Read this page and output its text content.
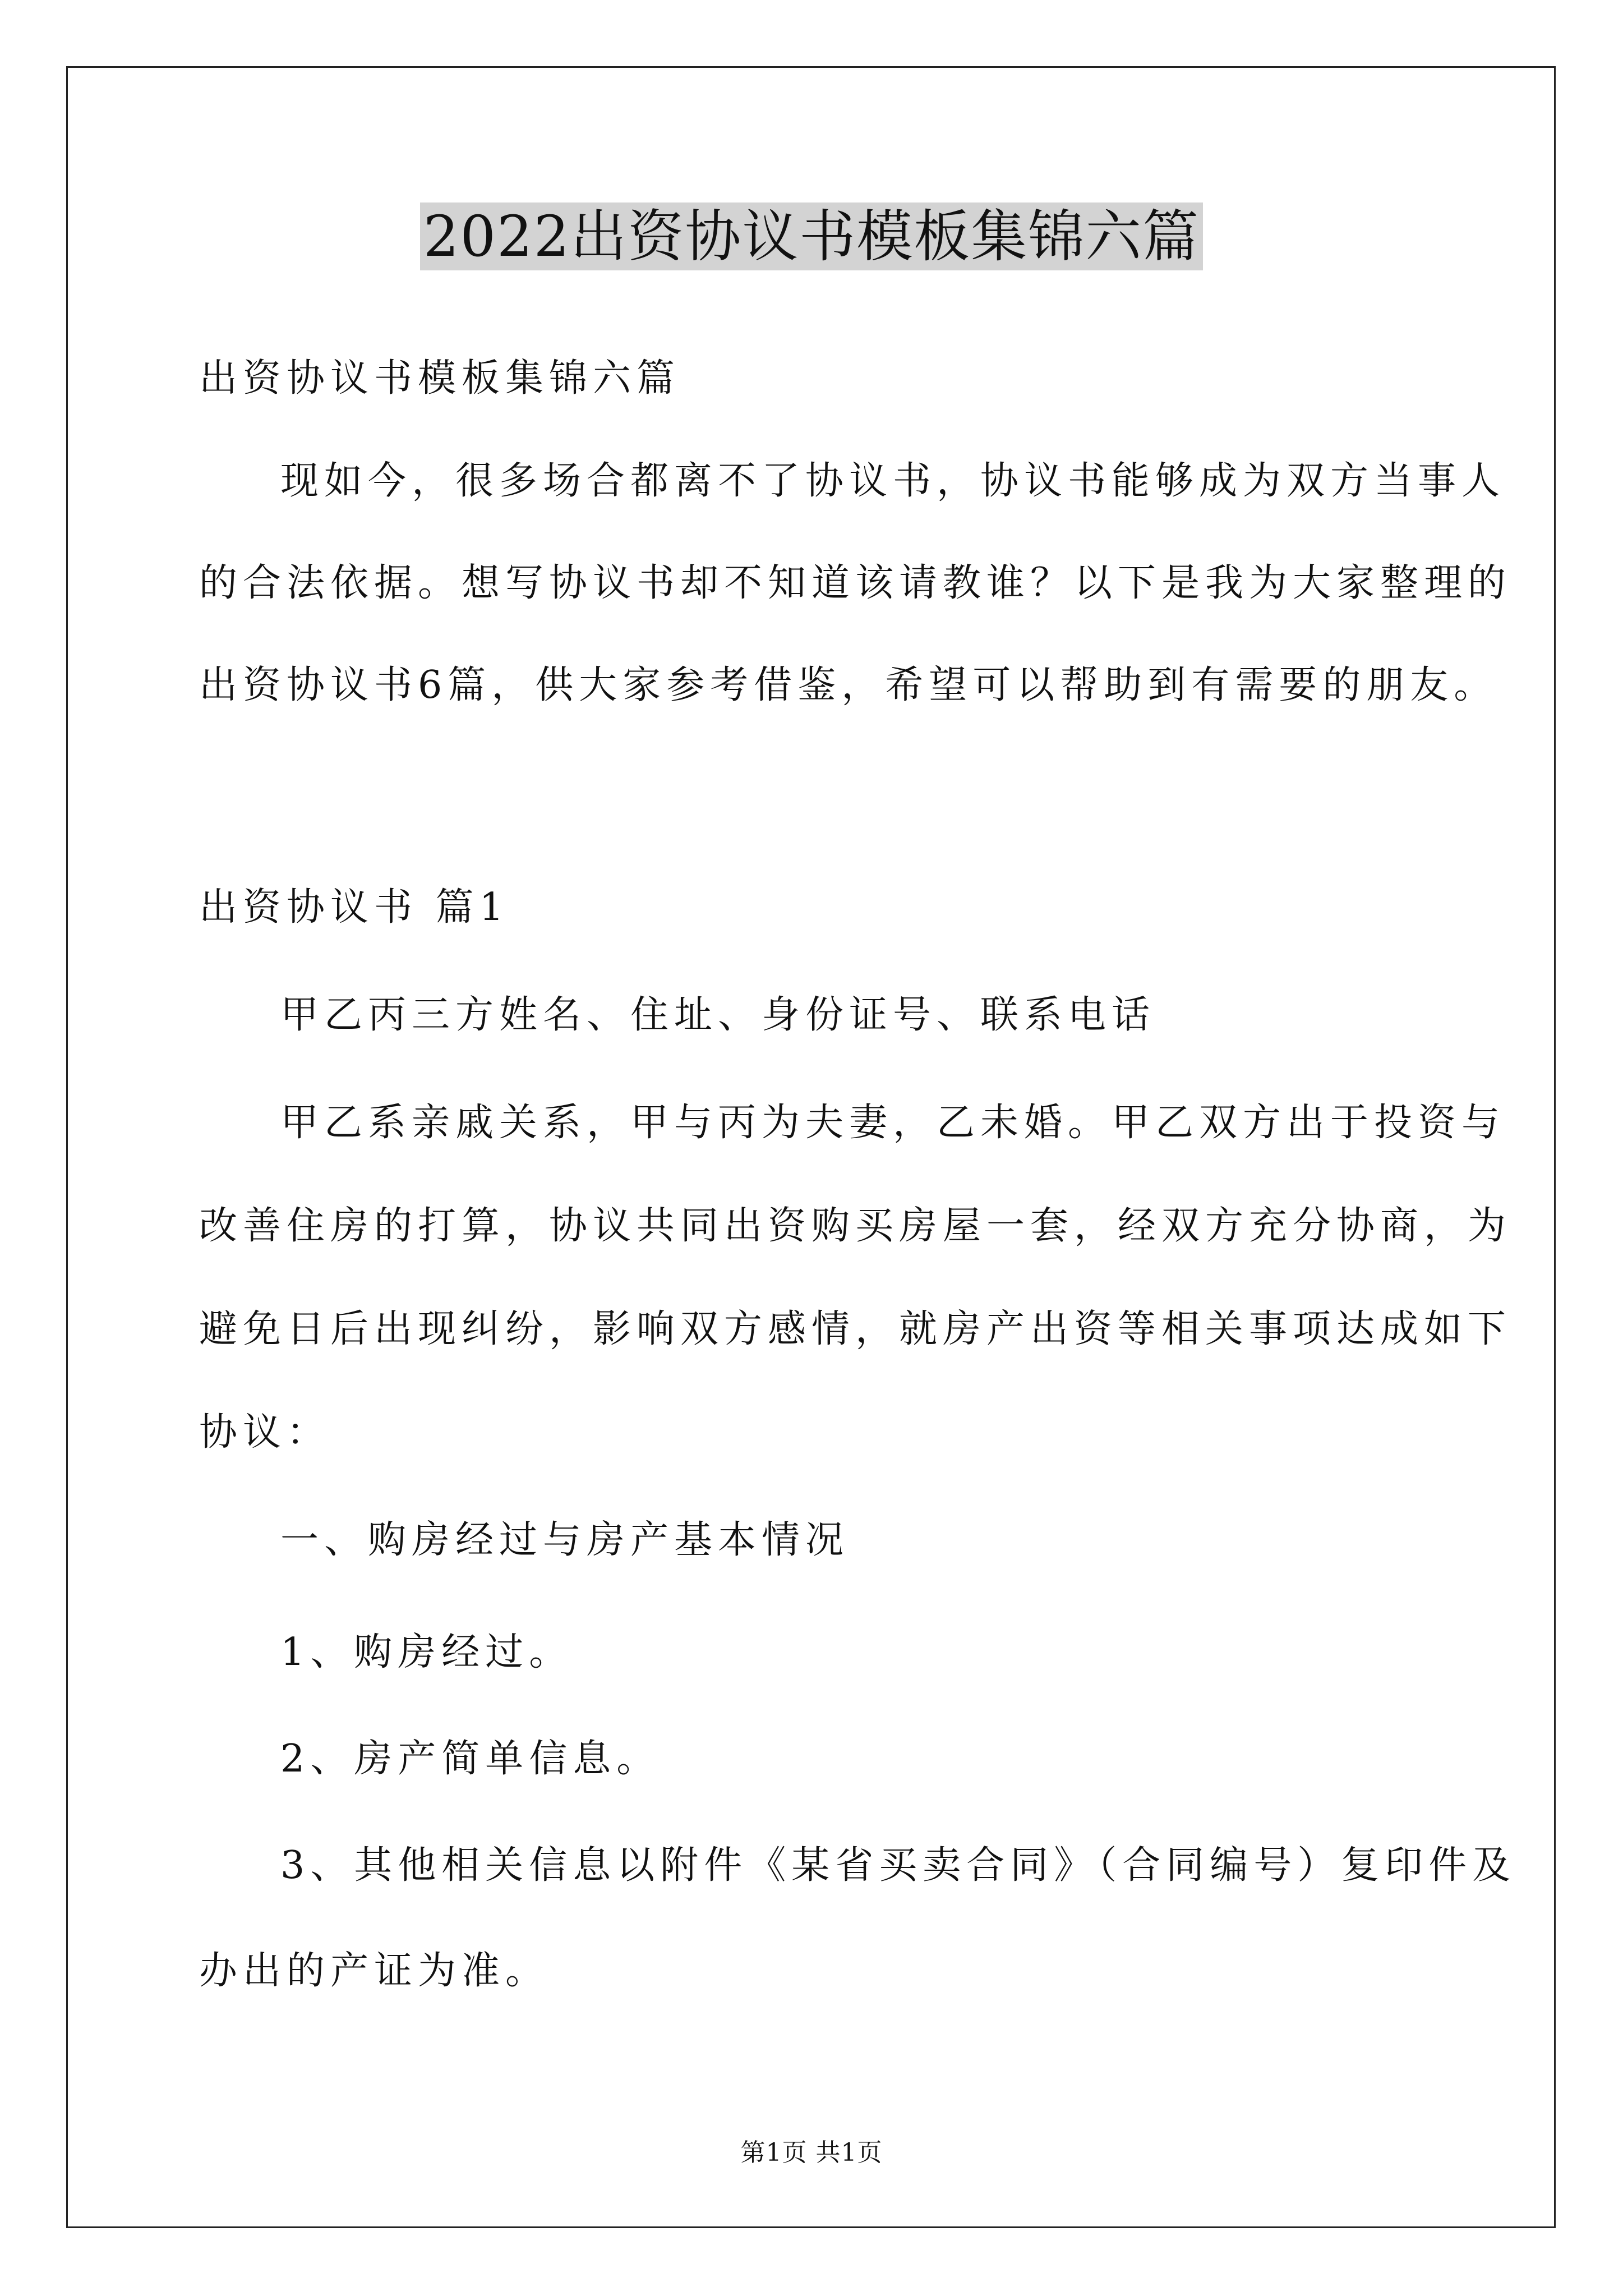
2022出资协议书模板集锦六篇
出资协议书模板集锦六篇
现如今，很多场合都离不了协议书，协议书能够成为双方当事人
的合法依据。想写协议书却不知道该请教谁？以下是我为大家整理的
出资协议书6篇，供大家参考借鉴，希望可以帮助到有需要的朋友。
出资协议书 篇1
甲乙丙三方姓名、住址、身份证号、联系电话
甲乙系亲戚关系，甲与丙为夫妻，乙未婚。甲乙双方出于投资与
改善住房的打算，协议共同出资购买房屋一套，经双方充分协商，为
避免日后出现纠纷，影响双方感情，就房产出资等相关事项达成如下
协议：
一、购房经过与房产基本情况
1、购房经过。
2、房产简单信息。
3、其他相关信息以附件《某省买卖合同》（合同编号）复印件及
办出的产证为准。
第1页 共1页
